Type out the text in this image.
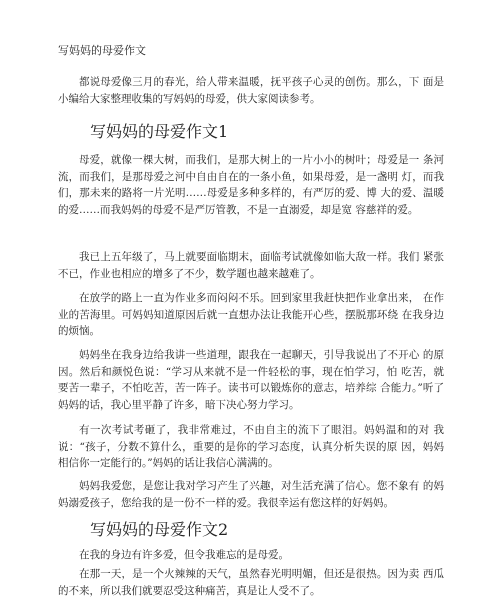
写妈妈的母爱作文

都说母爱像三月的春光，给人带来温暖，抚平孩子心灵的创伤。那么，下 面是小编给大家整理收集的写妈妈的母爱，供大家阅读参考。

写妈妈的母爱作文1

母爱，就像一棵大树，而我们，是那大树上的一片小小的树叶；母爱是一 条河流，而我们，是那母爱之河中自由自在的一条小鱼，如果母爱，是一盏明 灯，而我们，那未来的路将一片光明……母爱是多种多样的，有严厉的爱、博 大的爱、温暖的爱……而我妈妈的母爱不是严厉管教，不是一直溺爱，却是宽 容慈祥的爱。

我已上五年级了，马上就要面临期末，面临考试就像如临大敌一样。我们 紧张不已，作业也相应的增多了不少，数学题也越来越难了。

在放学的路上一直为作业多而闷闷不乐。回到家里我赶快把作业拿出来， 在作业的苦海里。可妈妈知道原因后就一直想办法让我能开心些，摆脱那环绕 在我身边的烦恼。

妈妈坐在我身边给我讲一些道理，跟我在一起聊天，引导我说出了不开心 的原因。然后和颜悦色说：“学习从来就不是一件轻松的事，现在怕学习，怕 吃苦，就要苦一辈子，不怕吃苦，苦一阵子。读书可以锻炼你的意志，培养综 合能力。”听了妈妈的话，我心里平静了许多，暗下决心努力学习。

有一次考试考砸了，我非常难过，不由自主的流下了眼泪。妈妈温和的对 我说：“孩子，分数不算什么，重要的是你的学习态度，认真分析失误的原 因，妈妈相信你一定能行的。”妈妈的话让我信心满满的。

妈妈我爱您，是您让我对学习产生了兴趣，对生活充满了信心。您不象有 的妈妈溺爱孩子，您给我的是一份不一样的爱。我很幸运有您这样的好妈妈。

写妈妈的母爱作文2

在我的身边有许多爱，但令我难忘的是母爱。

在那一天，是一个火辣辣的天气，虽然春光明明媚，但还是很热。因为卖 西瓜的不来，所以我们就要忍受这种痛苦，真是让人受不了。
